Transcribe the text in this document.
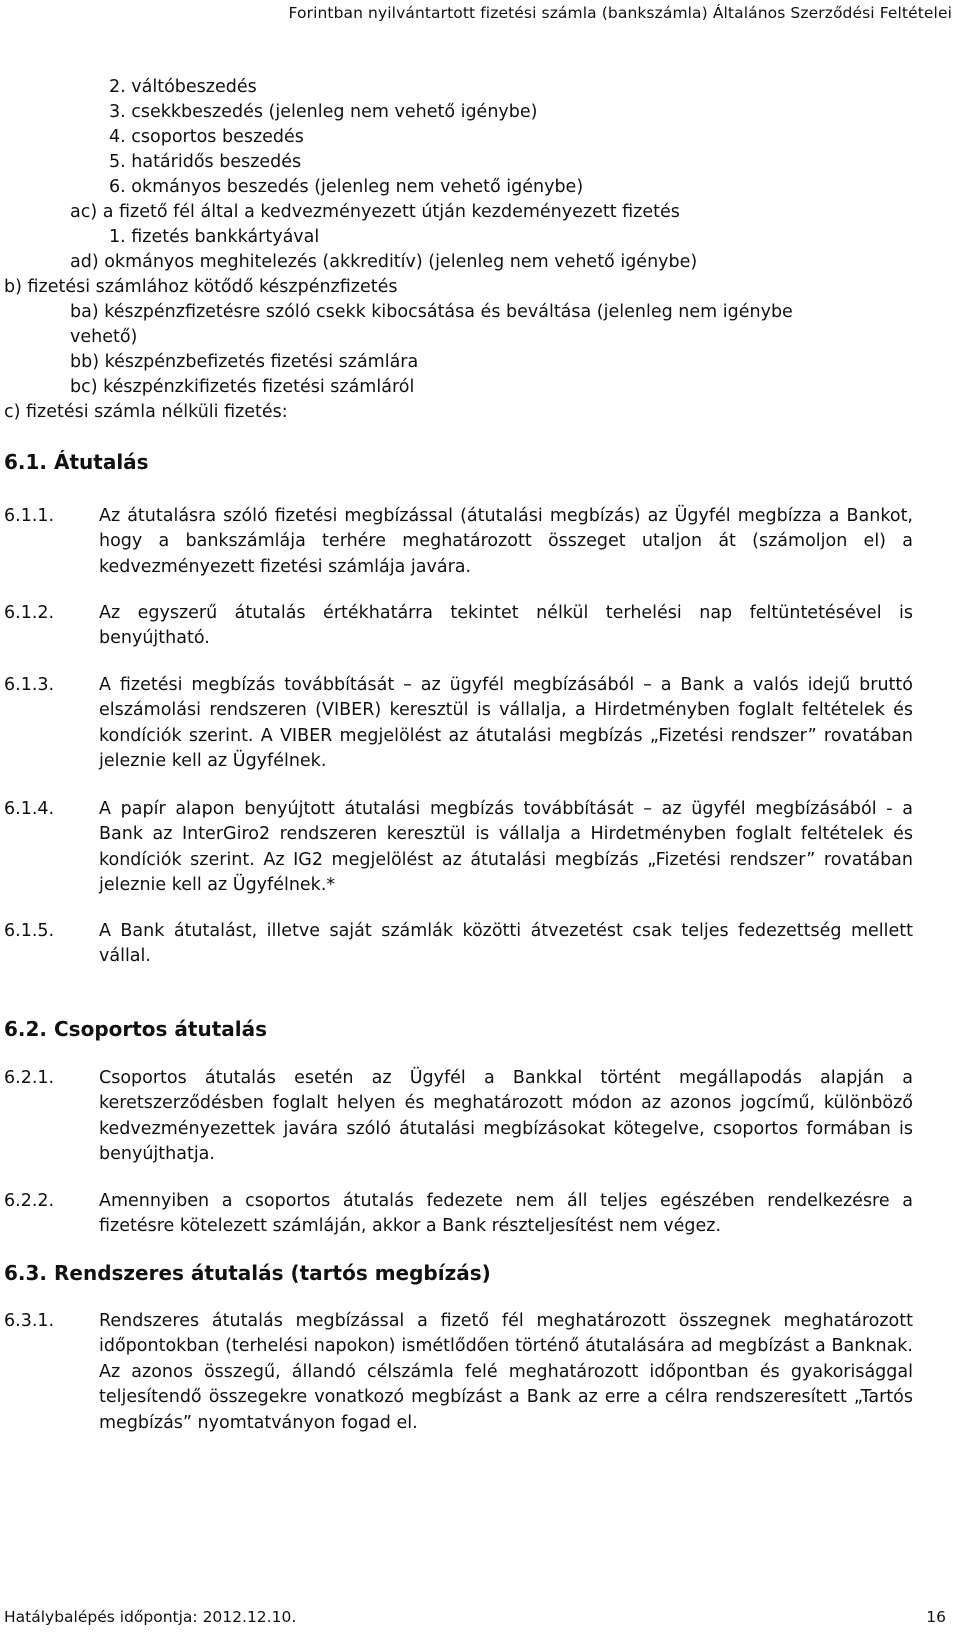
Forintban nyilvántartott fizetési számla (bankszámla) Általános Szerződési Feltételei
2. váltóbeszedés
3. csekkbeszedés (jelenleg nem vehető igénybe)
4. csoportos beszedés
5. határidős beszedés
6. okmányos beszedés (jelenleg nem vehető igénybe)
ac) a fizető fél által a kedvezményezett útján kezdeményezett fizetés
1. fizetés bankkártyával
ad) okmányos meghitelezés (akkreditív) (jelenleg nem vehető igénybe)
b) fizetési számlához kötődő készpénzfizetés
ba) készpénzfizetésre szóló csekk kibocsátása és beváltása (jelenleg nem igénybe
vehető)
bb) készpénzbefizetés fizetési számlára
bc) készpénzkifizetés fizetési számláról
c) fizetési számla nélküli fizetés:
6.1. Átutalás
6.1.1.	Az átutalásra szóló fizetési megbízással (átutalási megbízás) az Ügyfél megbízza a Bankot, hogy a bankszámlája terhére meghatározott összeget utaljon át (számoljon el) a kedvezményezett fizetési számlája javára.
6.1.2.	Az egyszerű átutalás értékhatárra tekintet nélkül terhelési nap feltüntetésével is benyújtható.
6.1.3.	A fizetési megbízás továbbítását – az ügyfél megbízásából – a Bank a valós idejű bruttó elszámolási rendszeren (VIBER) keresztül is vállalja, a Hirdetményben foglalt feltételek és kondíciók szerint. A VIBER megjelölést az átutalási megbízás „Fizetési rendszer” rovatában jeleznie kell az Ügyfélnek.
6.1.4.	A papír alapon benyújtott átutalási megbízás továbbítását – az ügyfél megbízásából - a Bank az InterGiro2 rendszeren keresztül is vállalja a Hirdetményben foglalt feltételek és kondíciók szerint. Az IG2 megjelölést az átutalási megbízás „Fizetési rendszer” rovatában jeleznie kell az Ügyfélnek.*
6.1.5.	A Bank átutalást, illetve saját számlák közötti átvezetést csak teljes fedezettség mellett vállal.
6.2. Csoportos átutalás
6.2.1.	Csoportos átutalás esetén az Ügyfél a Bankkal történt megállapodás alapján a keretszerződésben foglalt helyen és meghatározott módon az azonos jogcímű, különböző kedvezményezettek javára szóló átutalási megbízásokat kötegelve, csoportos formában is benyújthatja.
6.2.2.	Amennyiben a csoportos átutalás fedezete nem áll teljes egészében rendelkezésre a fizetésre kötelezett számláján, akkor a Bank részteljesítést nem végez.
6.3. Rendszeres átutalás (tartós megbízás)
6.3.1.	Rendszeres átutalás megbízással a fizető fél meghatározott összegnek meghatározott időpontokban (terhelési napokon) ismétlődően történő átutalására ad megbízást a Banknak. Az azonos összegű, állandó célszámla felé meghatározott időpontban és gyakorisággal teljesítendő összegekre vonatkozó megbízást a Bank az erre a célra rendszeresített „Tartós megbízás” nyomtatványon fogad el.
Hatálybalépés időpontja: 2012.12.10.	16
